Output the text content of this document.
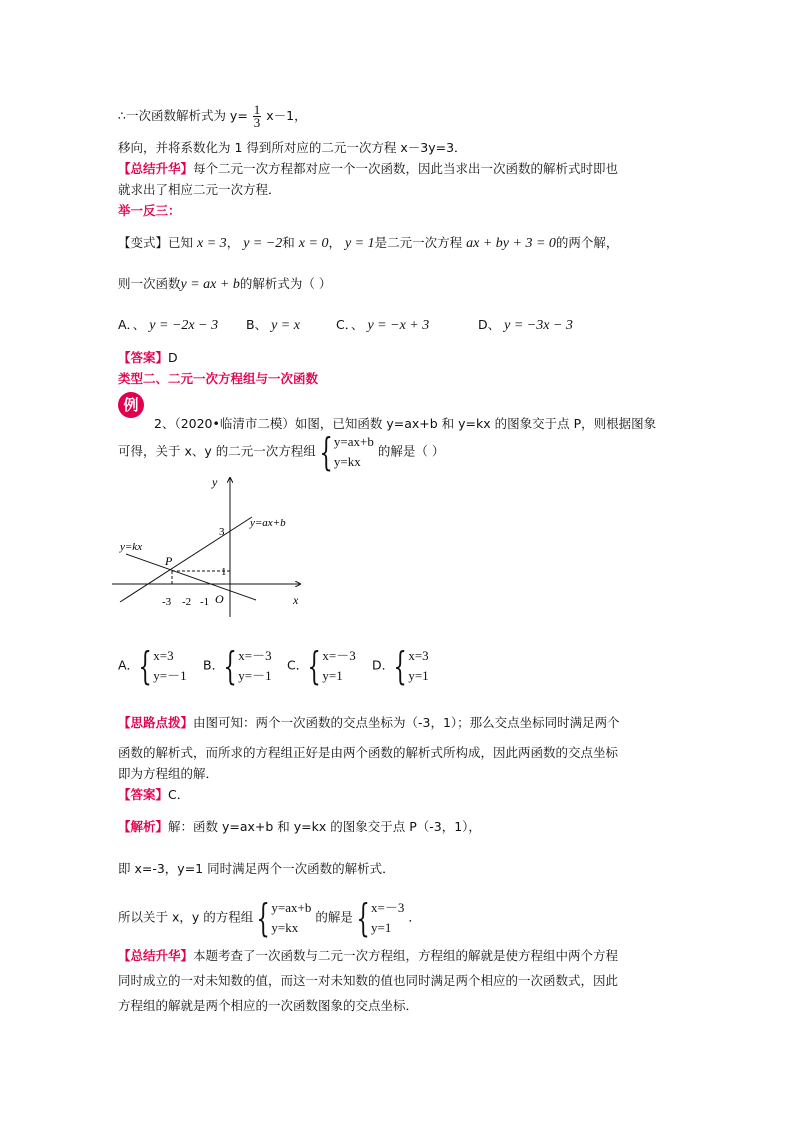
∴一次函数解析式为 $y= \frac{1}{3} x-1$，
移向，并将系数化为 1 得到所对应的二元一次方程 x－3y=3．
【总结升华】每个二元一次方程都对应一个一次函数，因此当求出一次函数的解析式时即也
就求出了相应二元一次方程．
举一反三：
【变式】已知 x = 3， y = −2和 x = 0， y = 1是二元一次方程 ax + by + 3 = 0的两个解，
则一次函数y = ax + b的解析式为（ ）
A．、 y = −2x − 3 B、 y = x	C．、 y = −x + 3	D、 y = −3x − 3
【答案】D
类型二、二元一次方程组与一次函数
例
2、（2020•临清市二模）如图，已知函数 y=ax+b 和 y=kx 的图象交于点 P，则根据图象
可得，关于 x、y 的二元一次方程组 { y=ax+b
y=kx
的解是（ ）
y
x
O
P
y=ax+b
y=kx
-3 -2 -1
3
1
A． { x=3
y=－1
B． { x=－3
y=－1
C． { x=－3
y=1
D． { x=3
y=1
【思路点拨】由图可知：两个一次函数的交点坐标为（-3，1）；那么交点坐标同时满足两个
函数的解析式，而所求的方程组正好是由两个函数的解析式所构成，因此两函数的交点坐标
即为方程组的解．
【答案】C．
【解析】解：函数 y=ax+b 和 y=kx 的图象交于点 P（-3，1），
即 x=-3，y=1 同时满足两个一次函数的解析式．
所以关于 x，y 的方程组 { y=ax+b
y=kx
的解是 { x=－3
y=1
．
【总结升华】本题考查了一次函数与二元一次方程组，方程组的解就是使方程组中两个方程
同时成立的一对未知数的值，而这一对未知数的值也同时满足两个相应的一次函数式，因此
方程组的解就是两个相应的一次函数图象的交点坐标．
